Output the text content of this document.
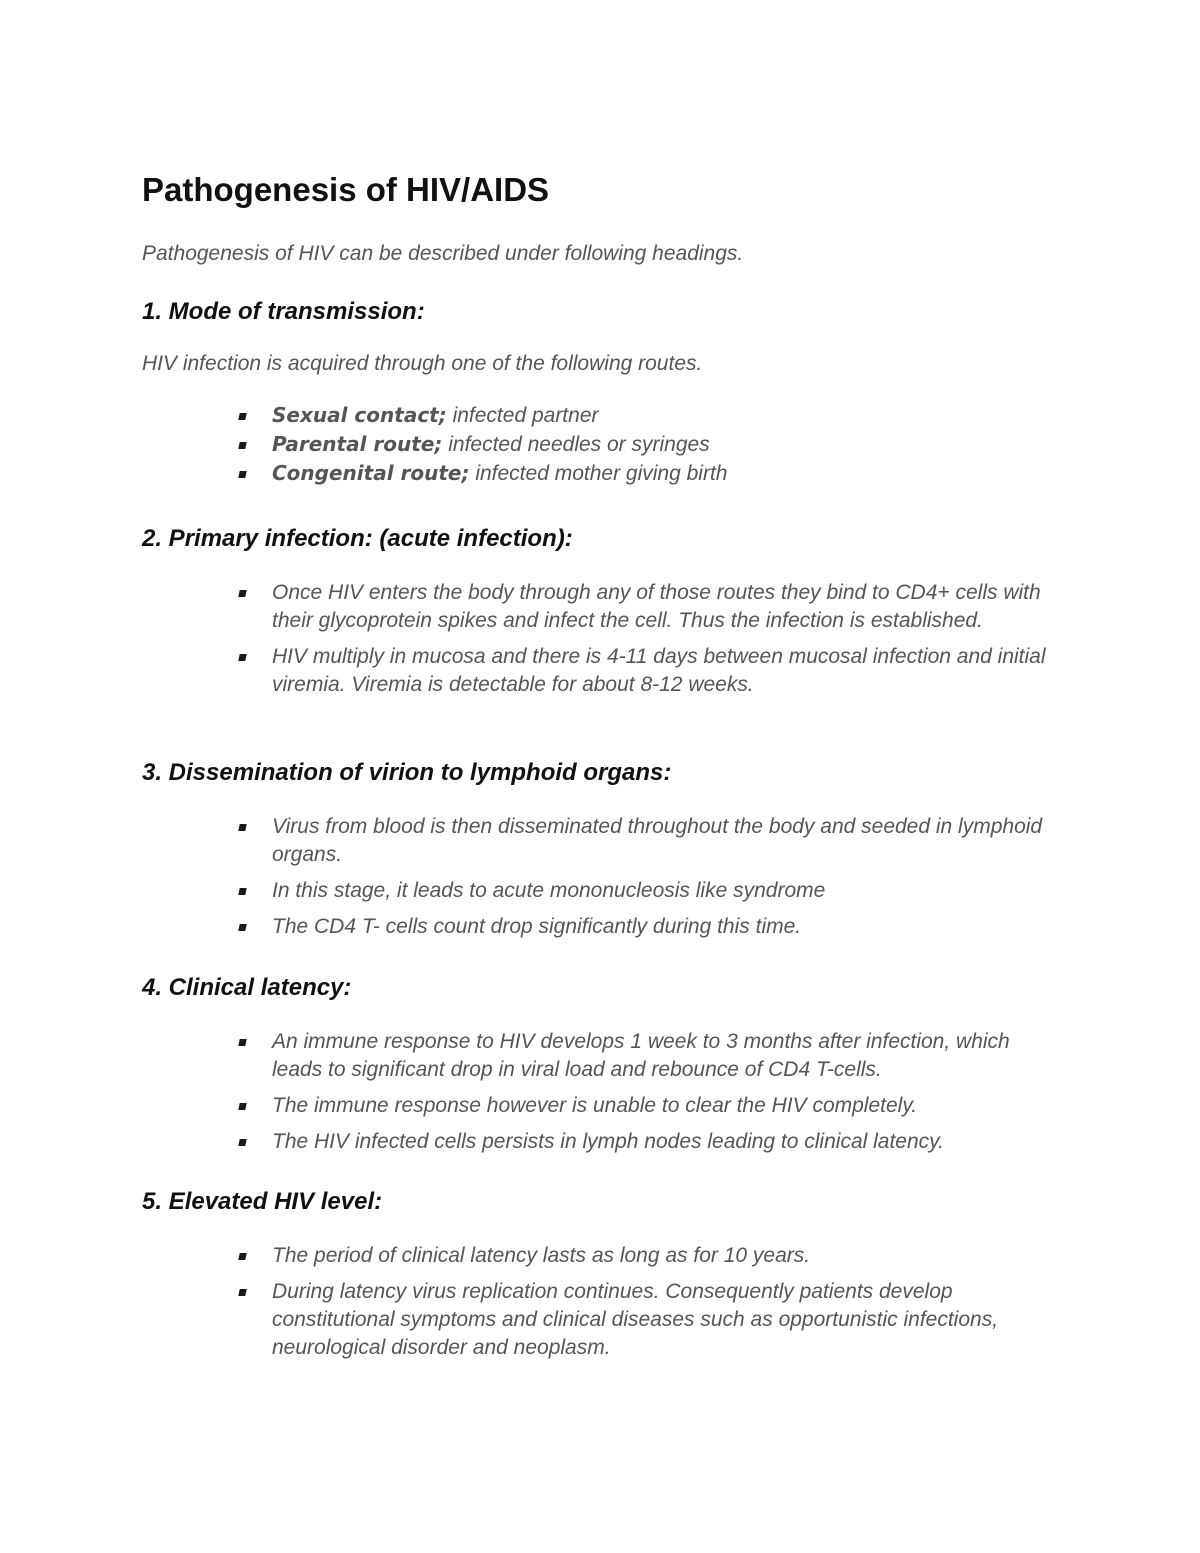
Pathogenesis of HIV/AIDS

Pathogenesis of HIV can be described under following headings.

1. Mode of transmission:

HIV infection is acquired through one of the following routes.

Sexual contact; infected partner
Parental route; infected needles or syringes
Congenital route; infected mother giving birth
2. Primary infection: (acute infection):
Once HIV enters the body through any of those routes they bind to CD4+ cells with their glycoprotein spikes and infect the cell. Thus the infection is established.
HIV multiply in mucosa and there is 4-11 days between mucosal infection and initial viremia. Viremia is detectable for about 8-12 weeks.
3. Dissemination of virion to lymphoid organs:
Virus from blood is then disseminated throughout the body and seeded in lymphoid organs.
In this stage, it leads to acute mononucleosis like syndrome
The CD4 T- cells count drop significantly during this time.
4. Clinical latency:
An immune response to HIV develops 1 week to 3 months after infection, which leads to significant drop in viral load and rebounce of CD4 T-cells.
The immune response however is unable to clear the HIV completely.
The HIV infected cells persists in lymph nodes leading to clinical latency.
5. Elevated HIV level:
The period of clinical latency lasts as long as for 10 years.
During latency virus replication continues. Consequently patients develop constitutional symptoms and clinical diseases such as opportunistic infections, neurological disorder and neoplasm.
